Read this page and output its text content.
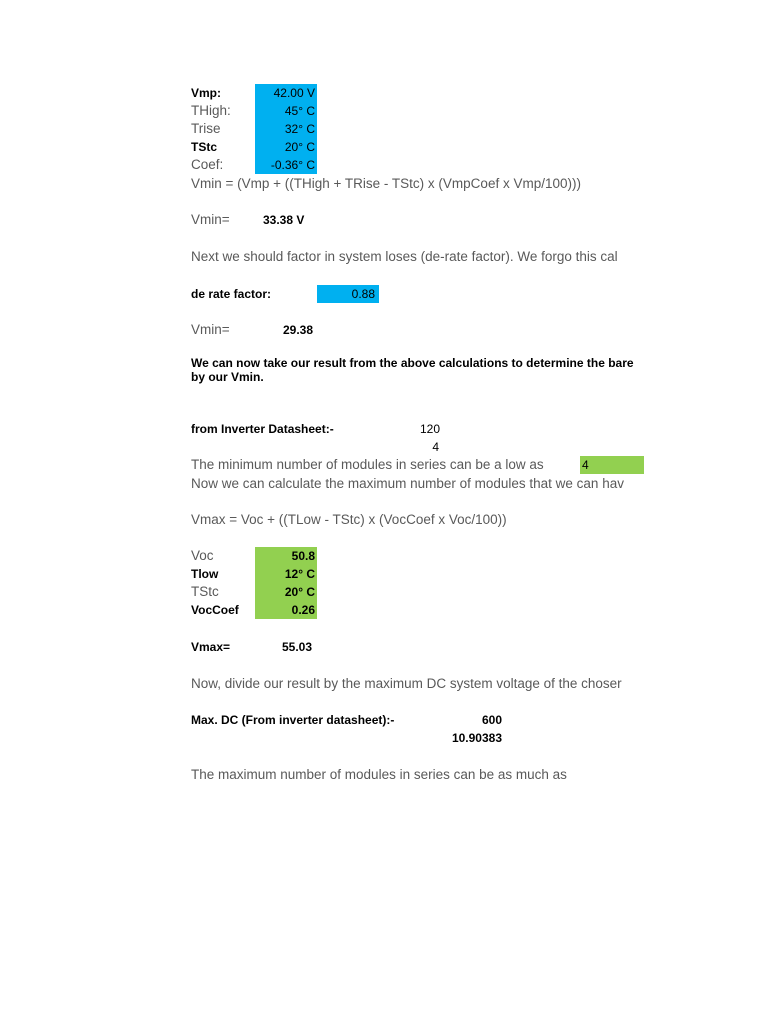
Vmp:	42.00 V
THigh:	45° C
Trise	32° C
TStc	20° C
Coef:	-0.36° C
Vmin = (Vmp + ((THigh + TRise - TStc) x (VmpCoef x Vmp/100)))
Vmin=	33.38 V
Next we should factor in system loses (de-rate factor). We forgo this cal
de rate factor:	0.88
Vmin=	29.38
We can now take our result from the above calculations to determine the bare
by our Vmin.
from Inverter Datasheet:-	120
4
The minimum number of modules in series can be a low as	4
Now we can calculate the maximum number of modules that we can hav
Vmax = Voc + ((TLow - TStc) x (VocCoef x Voc/100))
Voc	50.8
Tlow	12° C
TStc	20° C
VocCoef	0.26
Vmax=	55.03
Now, divide our result by the maximum DC system voltage of the choser
Max. DC (From inverter datasheet):-	600
10.90383
The maximum number of modules in series can be as much as
